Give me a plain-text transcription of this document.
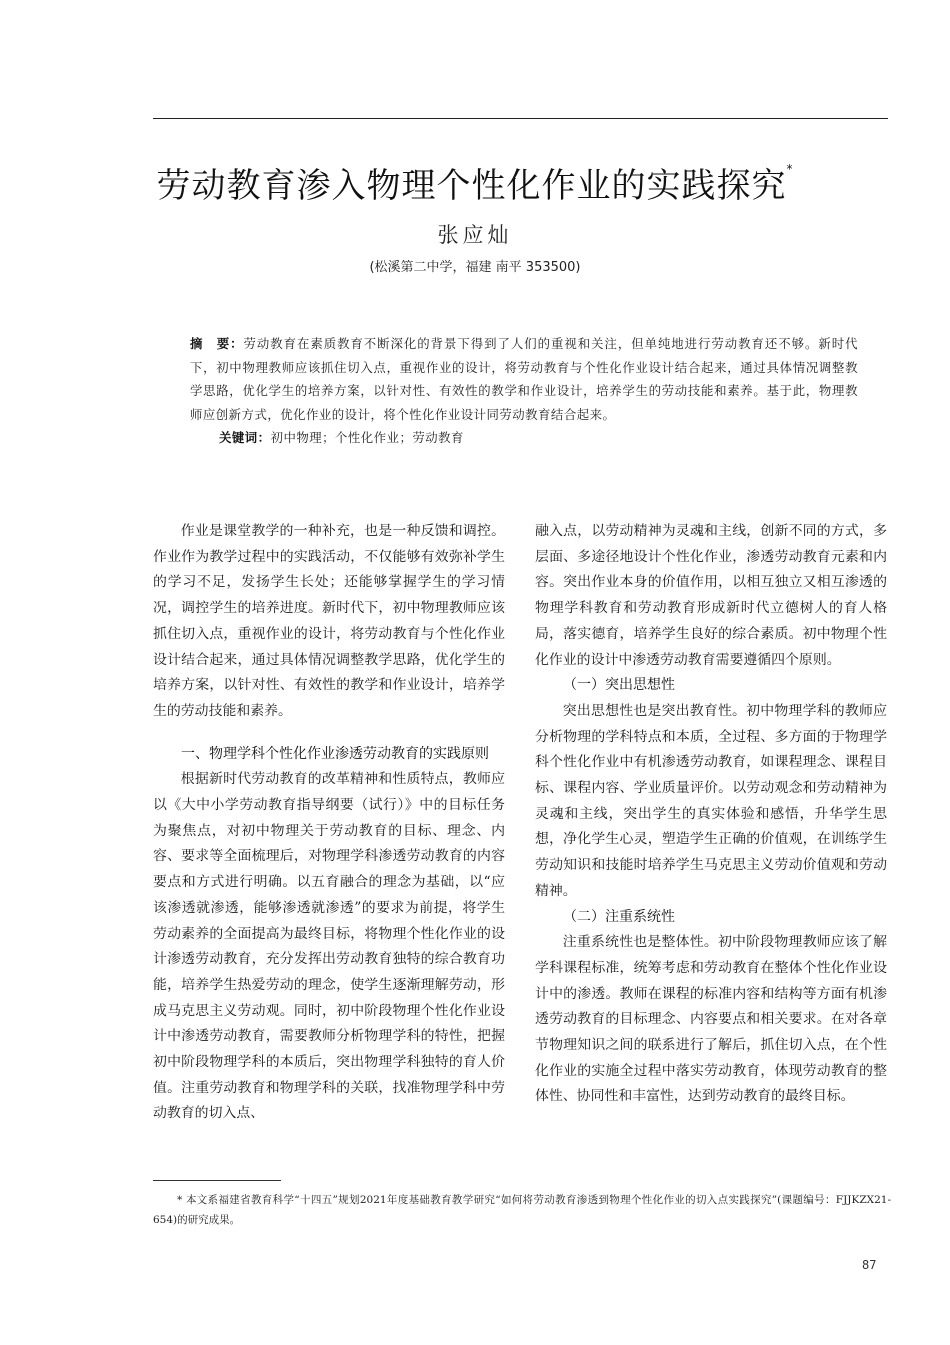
劳动教育渗入物理个性化作业的实践探究*
张应灿
(松溪第二中学，福建 南平 353500)

摘　要：劳动教育在素质教育不断深化的背景下得到了人们的重视和关注，但单纯地进行劳动教育还不够。新时代下，初中物理教师应该抓住切入点，重视作业的设计，将劳动教育与个性化作业设计结合起来，通过具体情况调整教学思路，优化学生的培养方案，以针对性、有效性的教学和作业设计，培养学生的劳动技能和素养。基于此，物理教师应创新方式，优化作业的设计，将个性化作业设计同劳动教育结合起来。

关键词：初中物理；个性化作业；劳动教育

作业是课堂教学的一种补充，也是一种反馈和调控。作业作为教学过程中的实践活动，不仅能够有效弥补学生的学习不足，发扬学生长处；还能够掌握学生的学习情况，调控学生的培养进度。新时代下，初中物理教师应该抓住切入点，重视作业的设计，将劳动教育与个性化作业设计结合起来，通过具体情况调整教学思路，优化学生的培养方案，以针对性、有效性的教学和作业设计，培养学生的劳动技能和素养。

一、物理学科个性化作业渗透劳动教育的实践原则

根据新时代劳动教育的改革精神和性质特点，教师应以《大中小学劳动教育指导纲要（试行）》中的目标任务为聚焦点，对初中物理关于劳动教育的目标、理念、内容、要求等全面梳理后，对物理学科渗透劳动教育的内容要点和方式进行明确。以五育融合的理念为基础，以“应该渗透就渗透，能够渗透就渗透”的要求为前提，将学生劳动素养的全面提高为最终目标，将物理个性化作业的设计渗透劳动教育，充分发挥出劳动教育独特的综合教育功能，培养学生热爱劳动的理念，使学生逐渐理解劳动，形成马克思主义劳动观。同时，初中阶段物理个性化作业设计中渗透劳动教育，需要教师分析物理学科的特性，把握初中阶段物理学科的本质后，突出物理学科独特的育人价值。注重劳动教育和物理学科的关联，找准物理学科中劳动教育的切入点、

融入点，以劳动精神为灵魂和主线，创新不同的方式，多层面、多途径地设计个性化作业，渗透劳动教育元素和内容。突出作业本身的价值作用，以相互独立又相互渗透的物理学科教育和劳动教育形成新时代立德树人的育人格局，落实德育，培养学生良好的综合素质。初中物理个性化作业的设计中渗透劳动教育需要遵循四个原则。

（一）突出思想性

突出思想性也是突出教育性。初中物理学科的教师应分析物理的学科特点和本质，全过程、多方面的于物理学科个性化作业中有机渗透劳动教育，如课程理念、课程目标、课程内容、学业质量评价。以劳动观念和劳动精神为灵魂和主线，突出学生的真实体验和感悟，升华学生思想，净化学生心灵，塑造学生正确的价值观，在训练学生劳动知识和技能时培养学生马克思主义劳动价值观和劳动精神。

（二）注重系统性

注重系统性也是整体性。初中阶段物理教师应该了解学科课程标准，统筹考虑和劳动教育在整体个性化作业设计中的渗透。教师在课程的标准内容和结构等方面有机渗透劳动教育的目标理念、内容要点和相关要求。在对各章节物理知识之间的联系进行了解后，抓住切入点，在个性化作业的实施全过程中落实劳动教育，体现劳动教育的整体性、协同性和丰富性，达到劳动教育的最终目标。

* 本文系福建省教育科学“十四五”规划2021年度基础教育教学研究“如何将劳动教育渗透到物理个性化作业的切入点实践探究”(课题编号：FJJKZX21-654)的研究成果。
87
